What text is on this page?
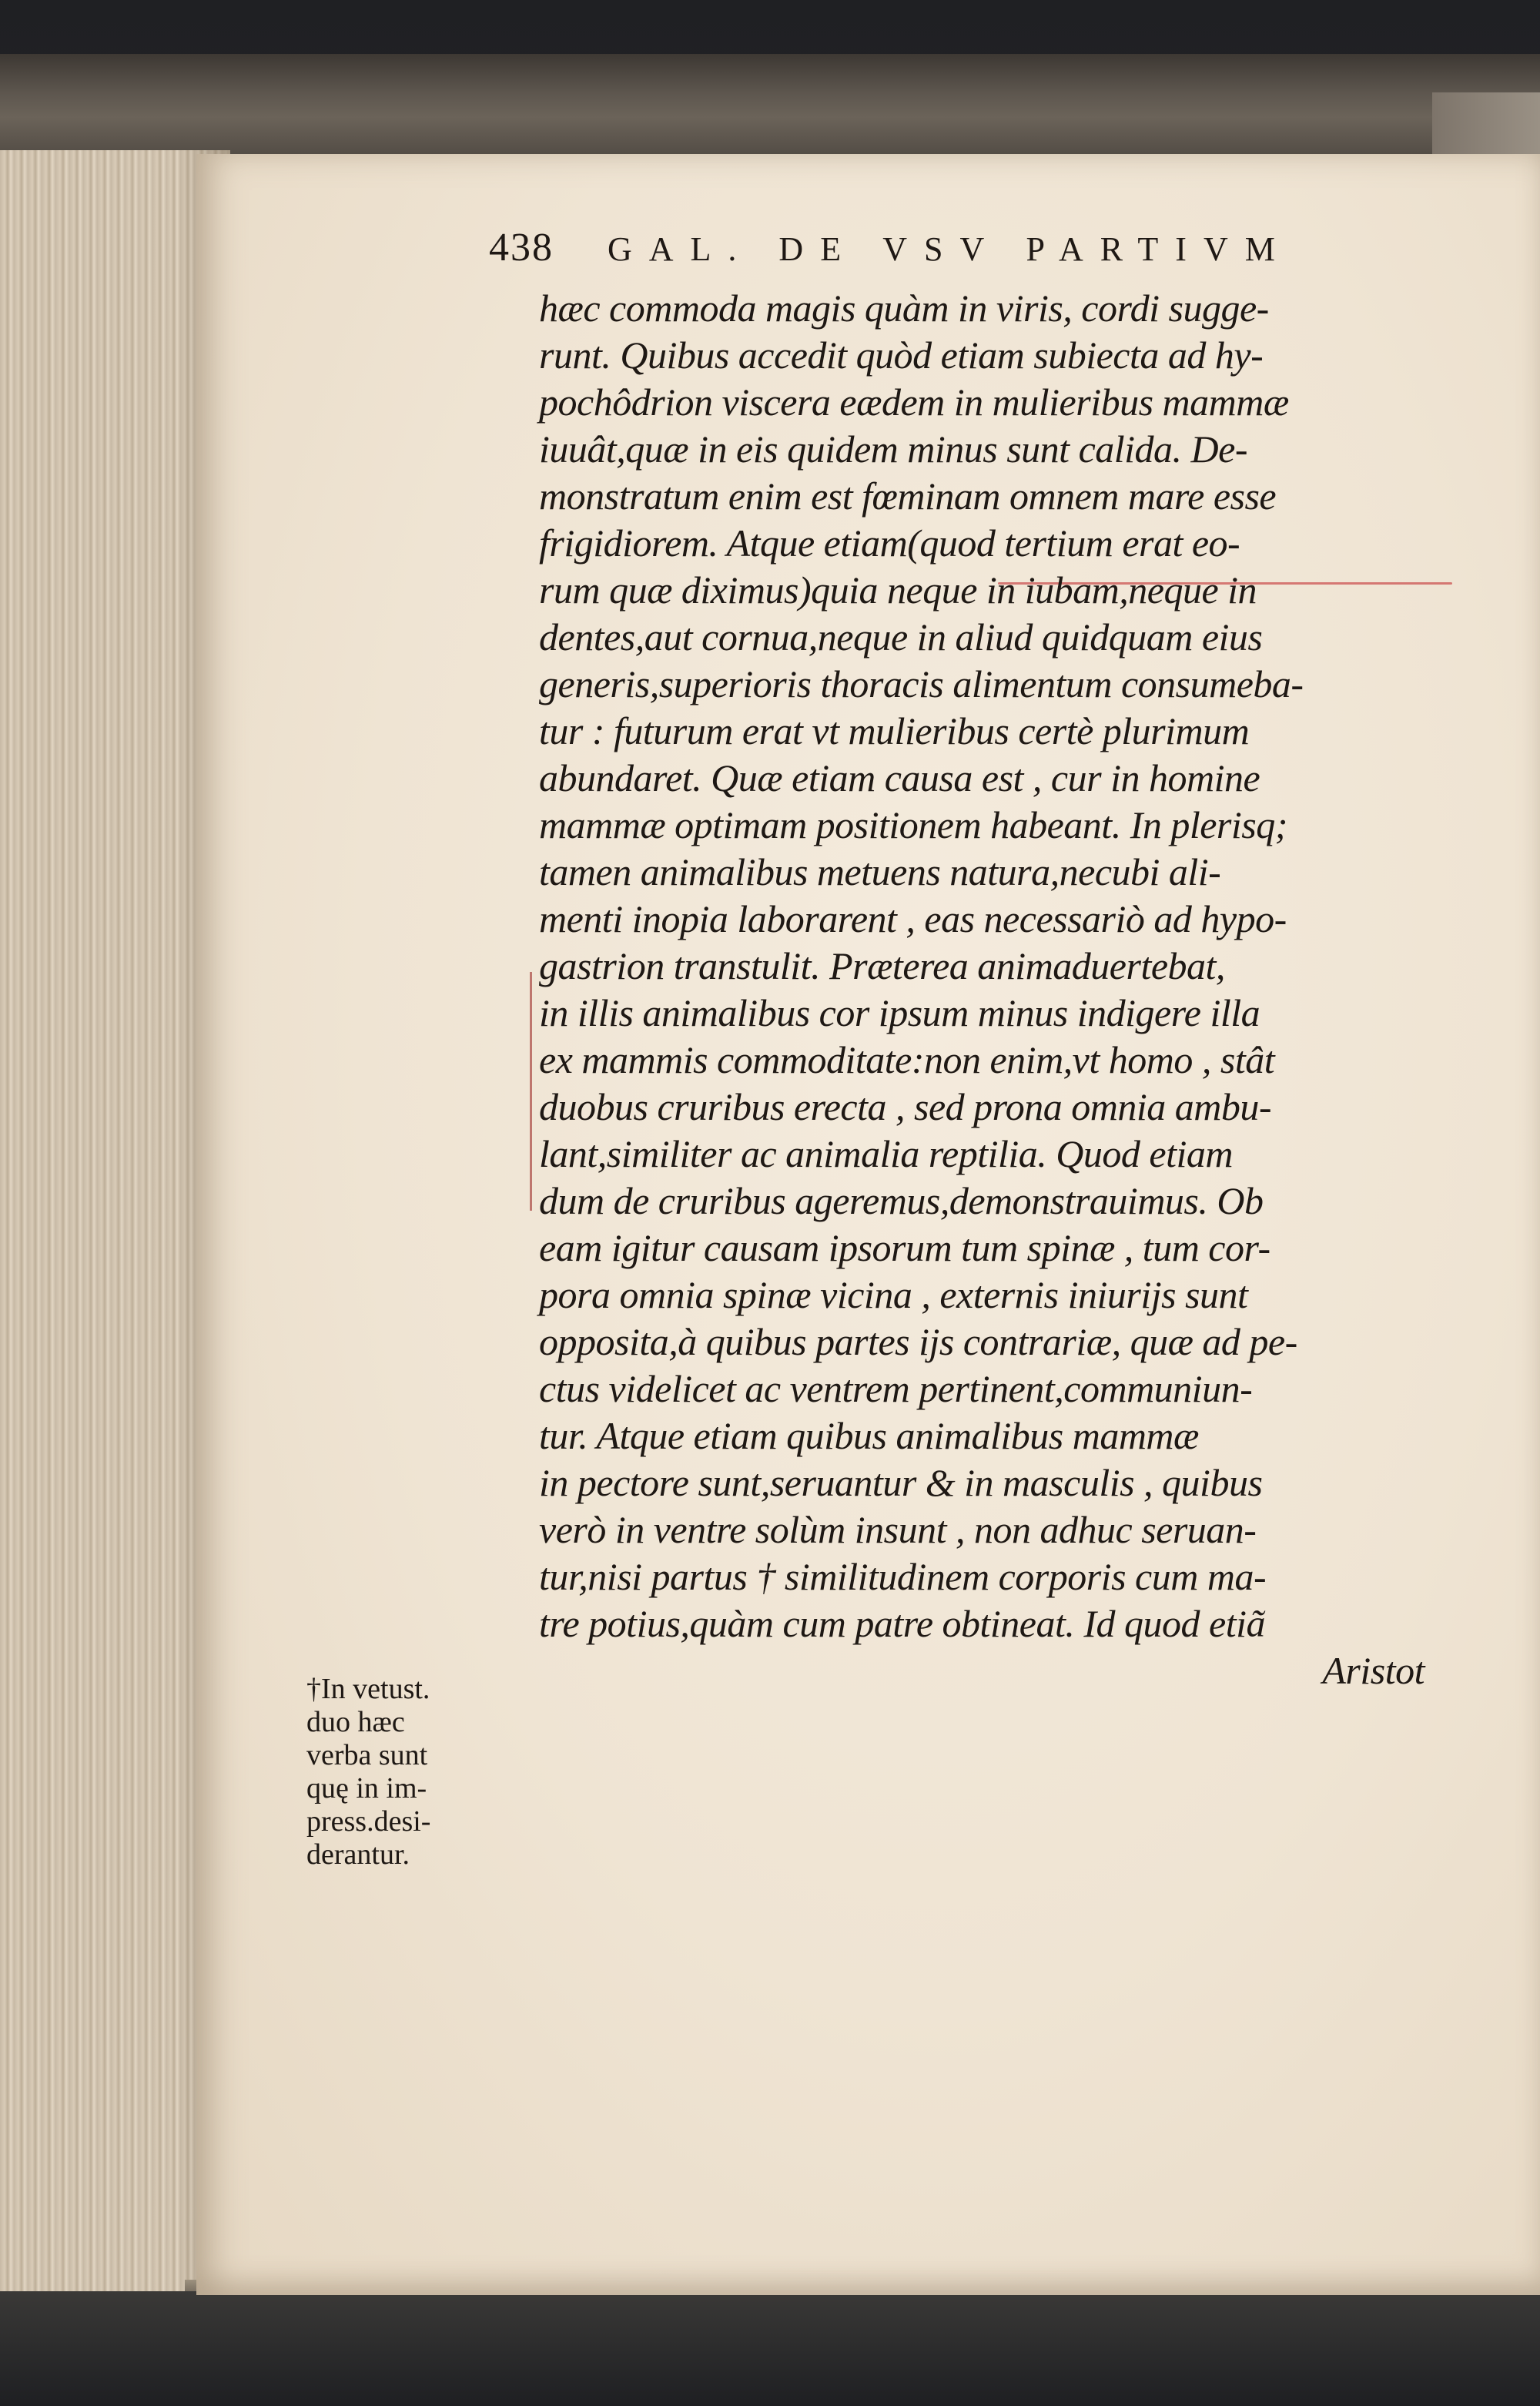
438 GAL. DE VSV PARTIVM
hæc commoda magis quàm in viris, cordi sugge-
runt. Quibus accedit quòd etiam subiecta ad hy-
pochôdrion viscera eædem in mulieribus mammæ
iuuât,quæ in eis quidem minus sunt calida. De-
monstratum enim est fœminam omnem mare esse
frigidiorem. Atque etiam(quod tertium erat eo-
rum quæ diximus)quia neque in iubam,neque in
dentes,aut cornua,neque in aliud quidquam eius
generis,superioris thoracis alimentum consumeba-
tur : futurum erat vt mulieribus certè plurimum
abundaret. Quæ etiam causa est , cur in homine
mammæ optimam positionem habeant. In plerisq;
tamen animalibus metuens natura,necubi ali-
menti inopia laborarent , eas necessariò ad hypo-
gastrion transtulit. Præterea animaduertebat,
in illis animalibus cor ipsum minus indigere illa
ex mammis commoditate:non enim,vt homo , stât
duobus cruribus erecta , sed prona omnia ambu-
lant,similiter ac animalia reptilia. Quod etiam
dum de cruribus ageremus,demonstrauimus. Ob
eam igitur causam ipsorum tum spinæ , tum cor-
pora omnia spinæ vicina , externis iniurijs sunt
opposita,à quibus partes ijs contrariæ, quæ ad pe-
ctus videlicet ac ventrem pertinent,communiun-
tur. Atque etiam quibus animalibus mammæ
in pectore sunt,seruantur & in masculis , quibus
verò in ventre solùm insunt , non adhuc seruan-
tur,nisi partus † similitudinem corporis cum ma-
tre potius,quàm cum patre obtineat. Id quod etiã
Aristot
†In vetust.
duo hæc
verba sunt
quę in im-
press.desi-
derantur.
